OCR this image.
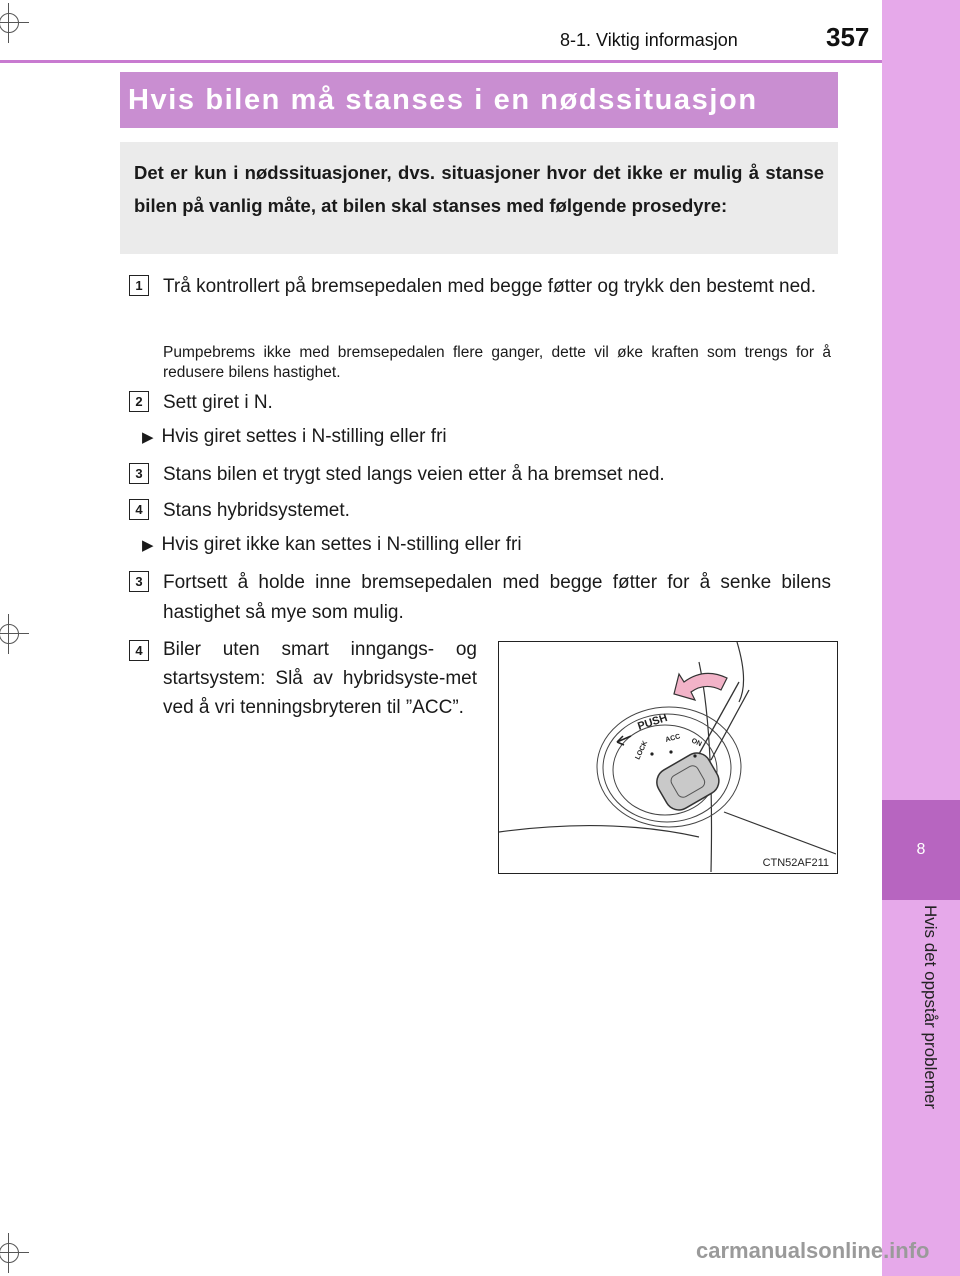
8
Hvis det oppstår problemer
8-1. Viktig informasjon	357
Hvis bilen må stanses i en nødssituasjon
Det er kun i nødssituasjoner, dvs. situasjoner hvor det ikke er mulig å stanse bilen på vanlig måte, at bilen skal stanses med følgende prosedyre:
1	Trå kontrollert på bremsepedalen med begge føtter og trykk den bestemt ned.
Pumpebrems ikke med bremsepedalen flere ganger, dette vil øke kraften som trengs for å redusere bilens hastighet.
2	Sett giret i N.
▶ Hvis giret settes i N-stilling eller fri
3	Stans bilen et trygt sted langs veien etter å ha bremset ned.
4	Stans hybridsystemet.
▶ Hvis giret ikke kan settes i N-stilling eller fri
3	Fortsett å holde inne bremsepedalen med begge føtter for å senke bilens hastighet så mye som mulig.
4	Biler uten smart inngangs- og startsystem: Slå av hybridsyste-met ved å vri tenningsbryteren til ”ACC”.
PUSH
LOCK
ACC ON
CTN52AF211
carmanualsonline.info
